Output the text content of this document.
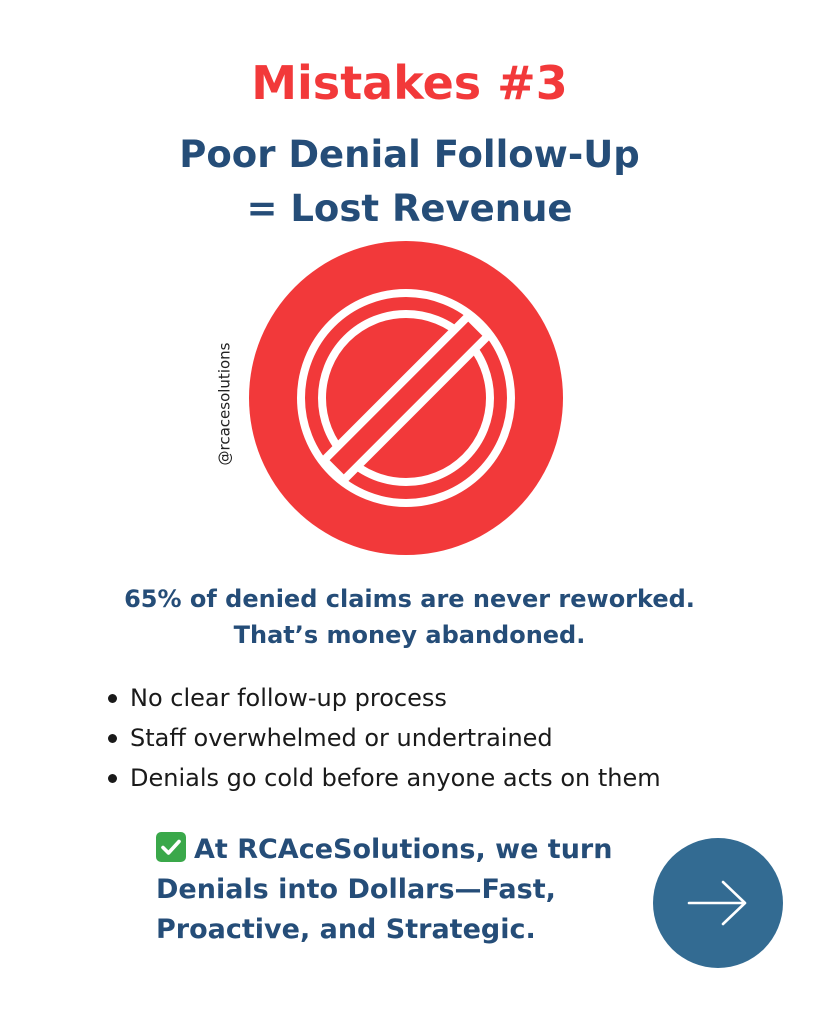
Mistakes #3
Poor Denial Follow-Up
= Lost Revenue
@rcacesolutions

65% of denied claims are never reworked.
That’s money abandoned.

No clear follow-up process
Staff overwhelmed or undertrained
Denials go cold before anyone acts on them
At RCAceSolutions, we turn
Denials into Dollars—Fast,
Proactive, and Strategic.
